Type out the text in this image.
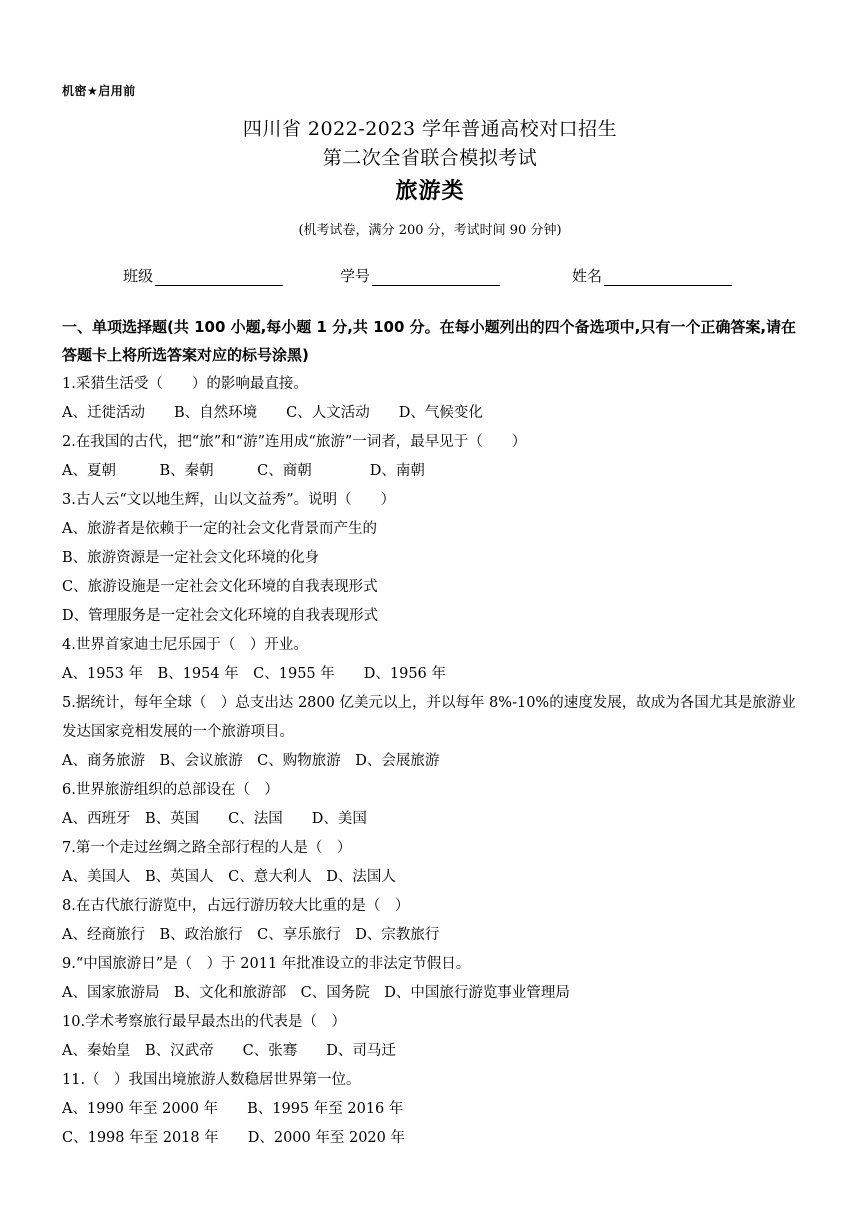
机密★启用前
四川省 2022-2023 学年普通高校对口招生
第二次全省联合模拟考试
旅游类
(机考试卷，满分 200 分，考试时间 90 分钟)
班级	学号	姓名
一、单项选择题(共 100 小题,每小题 1 分,共 100 分。在每小题列出的四个备选项中,只有一个正确答案,请在答题卡上将所选答案对应的标号涂黑)
1.采猎生活受（　　）的影响最直接。
A、迁徙活动　　B、自然环境　　C、人文活动　　D、气候变化
2.在我国的古代，把“旅”和“游”连用成“旅游”一词者，最早见于（　　）
A、夏朝　　　B、秦朝　　　C、商朝　　　　D、南朝
3.古人云“文以地生辉，山以文益秀”。说明（　　）
A、旅游者是依赖于一定的社会文化背景而产生的
B、旅游资源是一定社会文化环境的化身
C、旅游设施是一定社会文化环境的自我表现形式
D、管理服务是一定社会文化环境的自我表现形式
4.世界首家迪士尼乐园于（　）开业。
A、1953 年　B、1954 年　C、1955 年　　D、1956 年
5.据统计，每年全球（　）总支出达 2800 亿美元以上，并以每年 8%-10%的速度发展，故成为各国尤其是旅游业发达国家竞相发展的一个旅游项目。
A、商务旅游　B、会议旅游　C、购物旅游　D、会展旅游
6.世界旅游组织的总部设在（　）
A、西班牙　B、英国　　C、法国　　D、美国
7.第一个走过丝绸之路全部行程的人是（　）
A、美国人　B、英国人　C、意大利人　D、法国人
8.在古代旅行游览中，占远行游历较大比重的是（　）
A、经商旅行　B、政治旅行　C、享乐旅行　D、宗教旅行
9.“中国旅游日”是（　）于 2011 年批准设立的非法定节假日。
A、国家旅游局　B、文化和旅游部　C、国务院　D、中国旅行游览事业管理局
10.学术考察旅行最早最杰出的代表是（　）
A、秦始皇　B、汉武帝　　C、张骞　　D、司马迁
11.（　）我国出境旅游人数稳居世界第一位。
A、1990 年至 2000 年　　B、1995 年至 2016 年
C、1998 年至 2018 年　　D、2000 年至 2020 年
